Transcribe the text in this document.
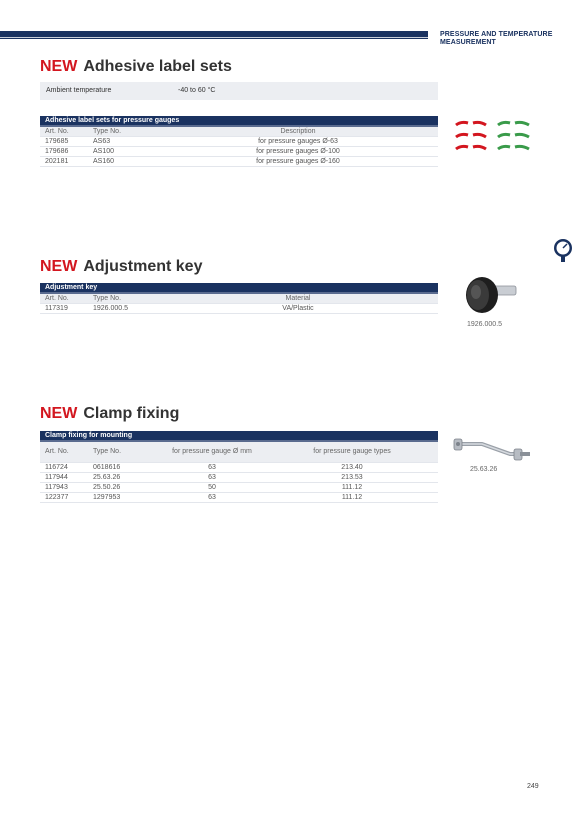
PRESSURE AND TEMPERATURE MEASUREMENT
NEW Adhesive label sets
Ambient temperature	-40 to 60 °C
Adhesive label sets for pressure gauges		
Art. No.	Type No.	Description
179685	AS63	for pressure gauges Ø-63
179686	AS100	for pressure gauges Ø-100
202181	AS160	for pressure gauges Ø-160
NEW Adjustment key
Adjustment key		
Art. No.	Type No.	Material
117319	1926.000.5	VA/Plastic
1926.000.5
NEW Clamp fixing
Clamp fixing for mounting			
Art. No.	Type No.	for pressure gauge Ø mm	for pressure gauge types
116724	0618616	63	213.40
117944	25.63.26	63	213.53
117943	25.50.26	50	111.12
122377	1297953	63	111.12
25.63.26
249
